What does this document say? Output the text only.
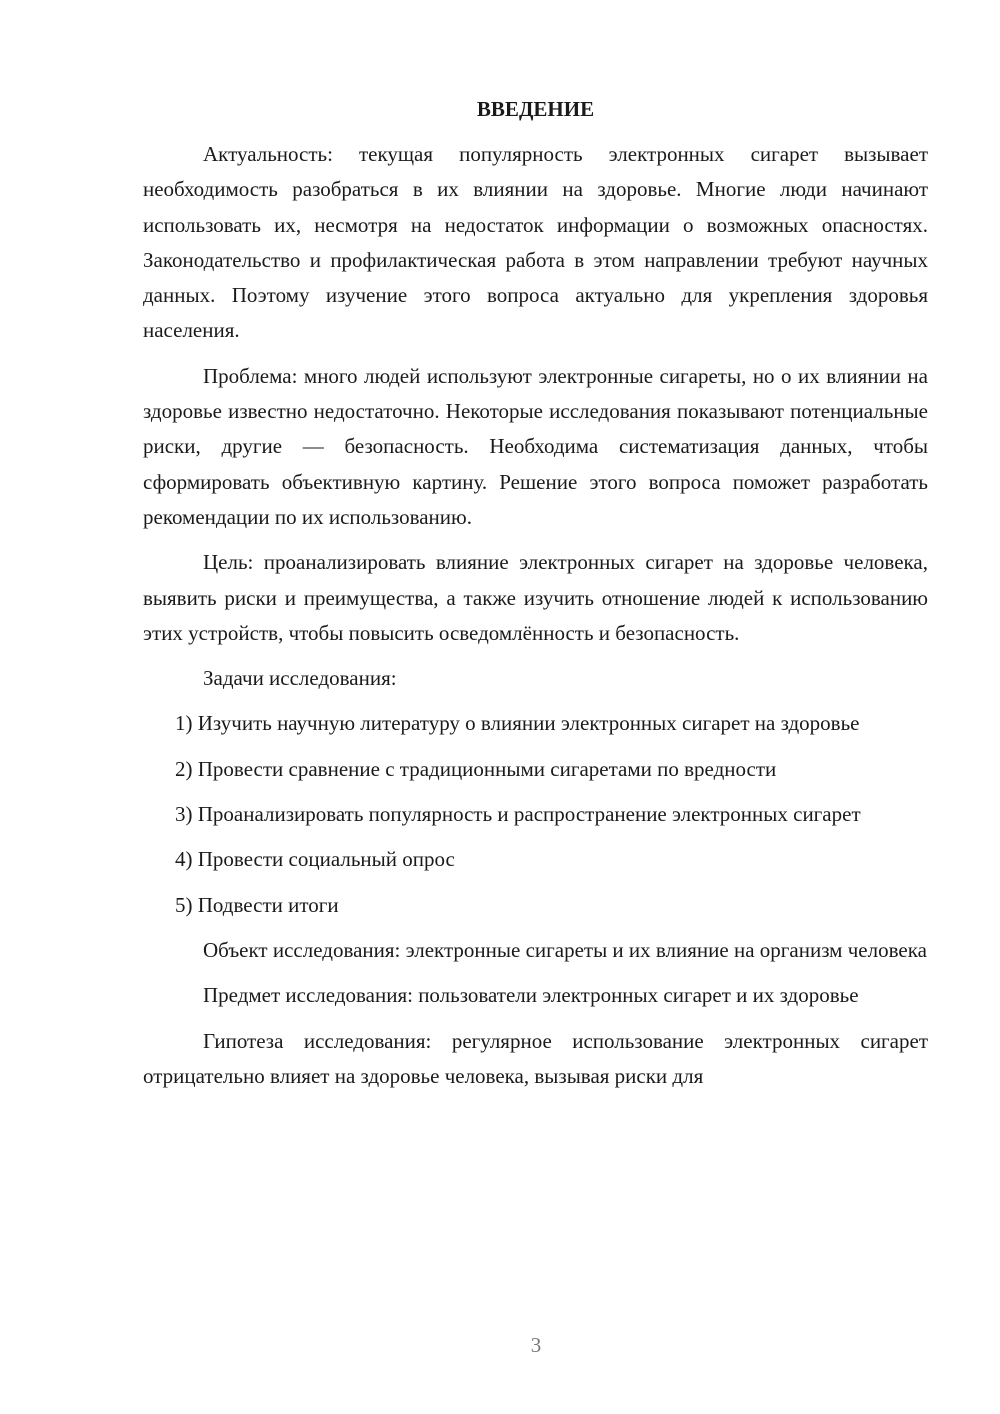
ВВЕДЕНИЕ

Актуальность: текущая популярность электронных сигарет вызывает необходимость разобраться в их влиянии на здоровье. Многие люди начинают использовать их, несмотря на недостаток информации о возможных опасностях. Законодательство и профилактическая работа в этом направлении требуют научных данных. Поэтому изучение этого вопроса актуально для укрепления здоровья населения.

Проблема: много людей используют электронные сигареты, но о их влиянии на здоровье известно недостаточно. Некоторые исследования показывают потенциальные риски, другие — безопасность. Необходима систематизация данных, чтобы сформировать объективную картину. Решение этого вопроса поможет разработать рекомендации по их использованию.

Цель: проанализировать влияние электронных сигарет на здоровье человека, выявить риски и преимущества, а также изучить отношение людей к использованию этих устройств, чтобы повысить осведомлённость и безопасность.

Задачи исследования:

1) Изучить научную литературу о влиянии электронных сигарет на здоровье

2) Провести сравнение с традиционными сигаретами по вредности

3) Проанализировать популярность и распространение электронных сигарет

4) Провести социальный опрос

5) Подвести итоги

Объект исследования: электронные сигареты и их влияние на организм человека

Предмет исследования: пользователи электронных сигарет и их здоровье

Гипотеза исследования: регулярное использование электронных сигарет отрицательно влияет на здоровье человека, вызывая риски для

3
